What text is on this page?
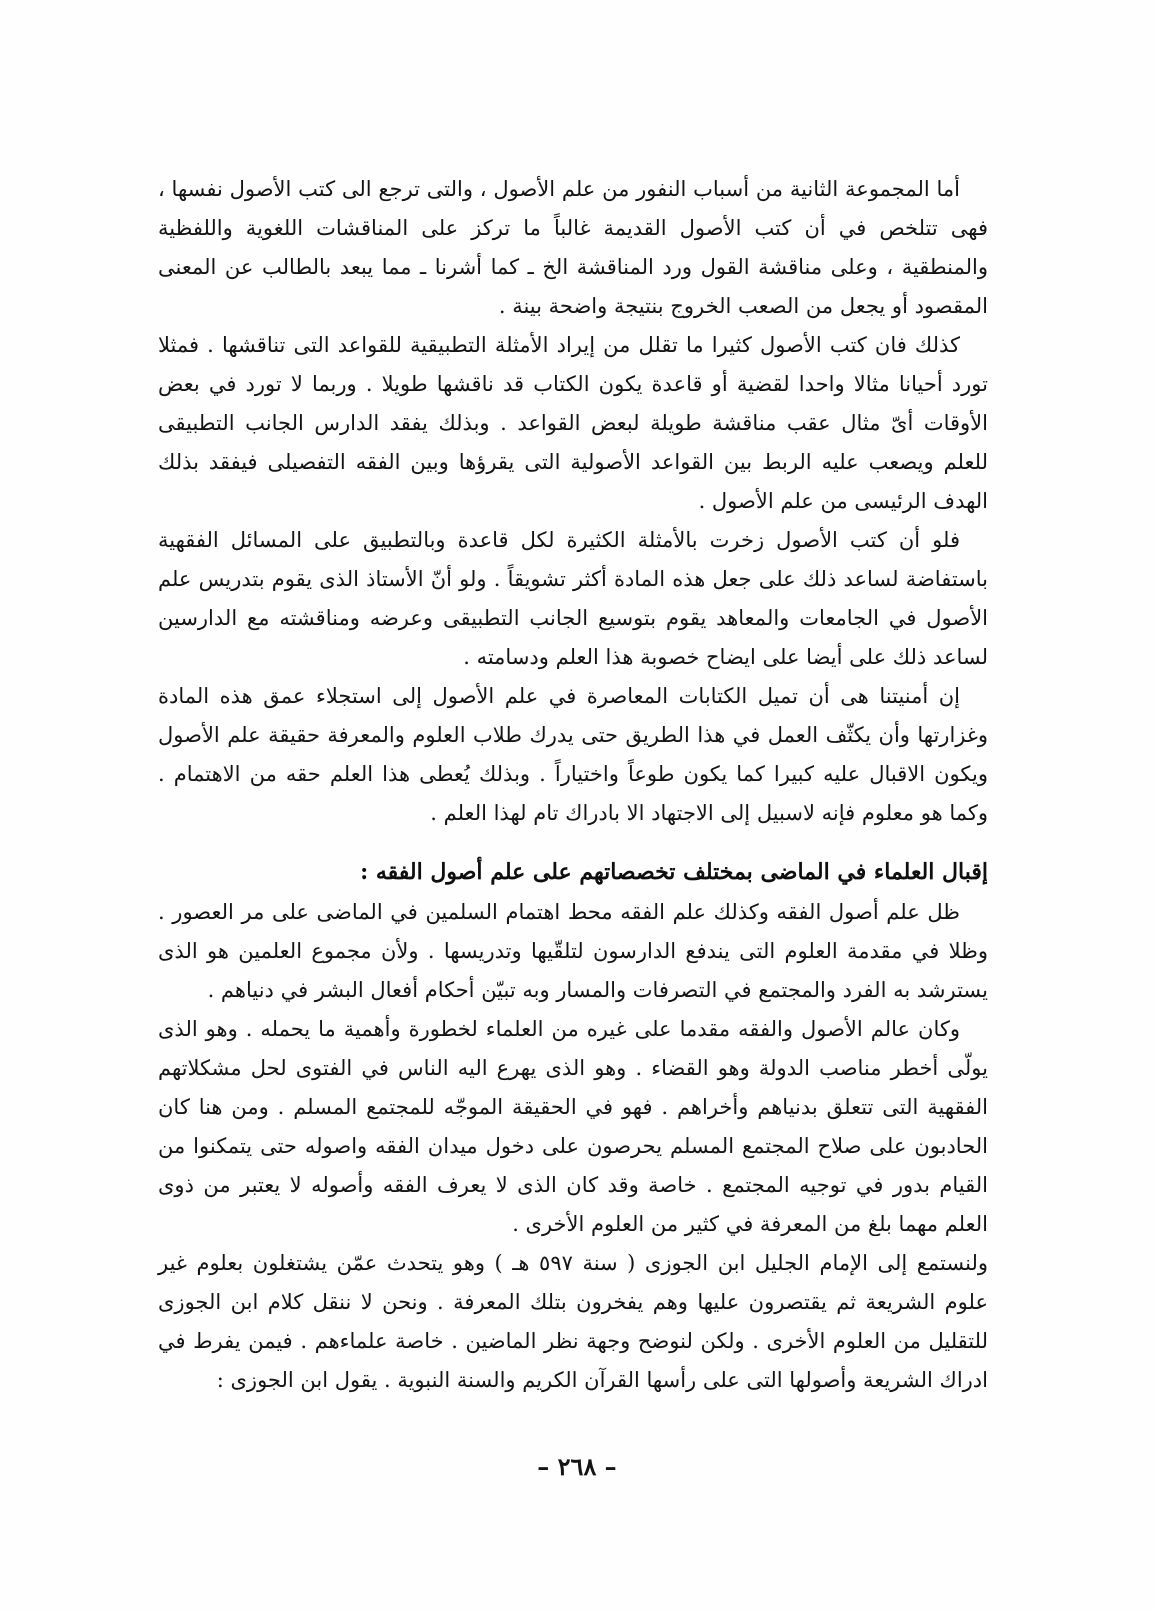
أما المجموعة الثانية من أسباب النفور من علم الأصول ، والتى ترجع الى كتب الأصول نفسها ، فهى تتلخص في أن كتب الأصول القديمة غالباً ما تركز على المناقشات اللغوية واللفظية والمنطقية ، وعلى مناقشة القول ورد المناقشة الخ ـ كما أشرنا ـ مما يبعد بالطالب عن المعنى المقصود أو يجعل من الصعب الخروج بنتيجة واضحة بينة .

كذلك فان كتب الأصول كثيرا ما تقلل من إيراد الأمثلة التطبيقية للقواعد التى تناقشها . فمثلا تورد أحيانا مثالا واحدا لقضية أو قاعدة يكون الكتاب قد ناقشها طويلا . وربما لا تورد في بعض الأوقات أىّ مثال عقب مناقشة طويلة لبعض القواعد . وبذلك يفقد الدارس الجانب التطبيقى للعلم ويصعب عليه الربط بين القواعد الأصولية التى يقرؤها وبين الفقه التفصيلى فيفقد بذلك الهدف الرئيسى من علم الأصول .

فلو أن كتب الأصول زخرت بالأمثلة الكثيرة لكل قاعدة وبالتطبيق على المسائل الفقهية باستفاضة لساعد ذلك على جعل هذه المادة أكثر تشويقاً . ولو أنّ الأستاذ الذى يقوم بتدريس علم الأصول في الجامعات والمعاهد يقوم بتوسيع الجانب التطبيقى وعرضه ومناقشته مع الدارسين لساعد ذلك على أيضا على ايضاح خصوبة هذا العلم ودسامته .

إن أمنيتنا هى أن تميل الكتابات المعاصرة في علم الأصول إلى استجلاء عمق هذه المادة وغزارتها وأن يكثّف العمل في هذا الطريق حتى يدرك طلاب العلوم والمعرفة حقيقة علم الأصول ويكون الاقبال عليه كبيرا كما يكون طوعاً واختياراً . وبذلك يُعطى هذا العلم حقه من الاهتمام . وكما هو معلوم فإنه لاسبيل إلى الاجتهاد الا بادراك تام لهذا العلم .

إقبال العلماء في الماضى بمختلف تخصصاتهم على علم أصول الفقه :

ظل علم أصول الفقه وكذلك علم الفقه محط اهتمام السلمين في الماضى على مر العصور . وظلا في مقدمة العلوم التى يندفع الدارسون لتلقّيها وتدريسها . ولأن مجموع العلمين هو الذى يسترشد به الفرد والمجتمع في التصرفات والمسار وبه تبيّن أحكام أفعال البشر في دنياهم .

وكان عالم الأصول والفقه مقدما على غيره من العلماء لخطورة وأهمية ما يحمله . وهو الذى يولّى أخطر مناصب الدولة وهو القضاء . وهو الذى يهرع اليه الناس في الفتوى لحل مشكلاتهم الفقهية التى تتعلق بدنياهم وأخراهم . فهو في الحقيقة الموجّه للمجتمع المسلم . ومن هنا كان الحادبون على صلاح المجتمع المسلم يحرصون على دخول ميدان الفقه واصوله حتى يتمكنوا من القيام بدور في توجيه المجتمع . خاصة وقد كان الذى لا يعرف الفقه وأصوله لا يعتبر من ذوى العلم مهما بلغ من المعرفة في كثير من العلوم الأخرى .

ولنستمع إلى الإمام الجليل ابن الجوزى ( سنة ٥٩٧ هـ ) وهو يتحدث عمّن يشتغلون بعلوم غير علوم الشريعة ثم يقتصرون عليها وهم يفخرون بتلك المعرفة . ونحن لا ننقل كلام ابن الجوزى للتقليل من العلوم الأخرى . ولكن لنوضح وجهة نظر الماضين . خاصة علماءهم . فيمن يفرط في ادراك الشريعة وأصولها التى على رأسها القرآن الكريم والسنة النبوية . يقول ابن الجوزى :

– ٢٦٨ –
